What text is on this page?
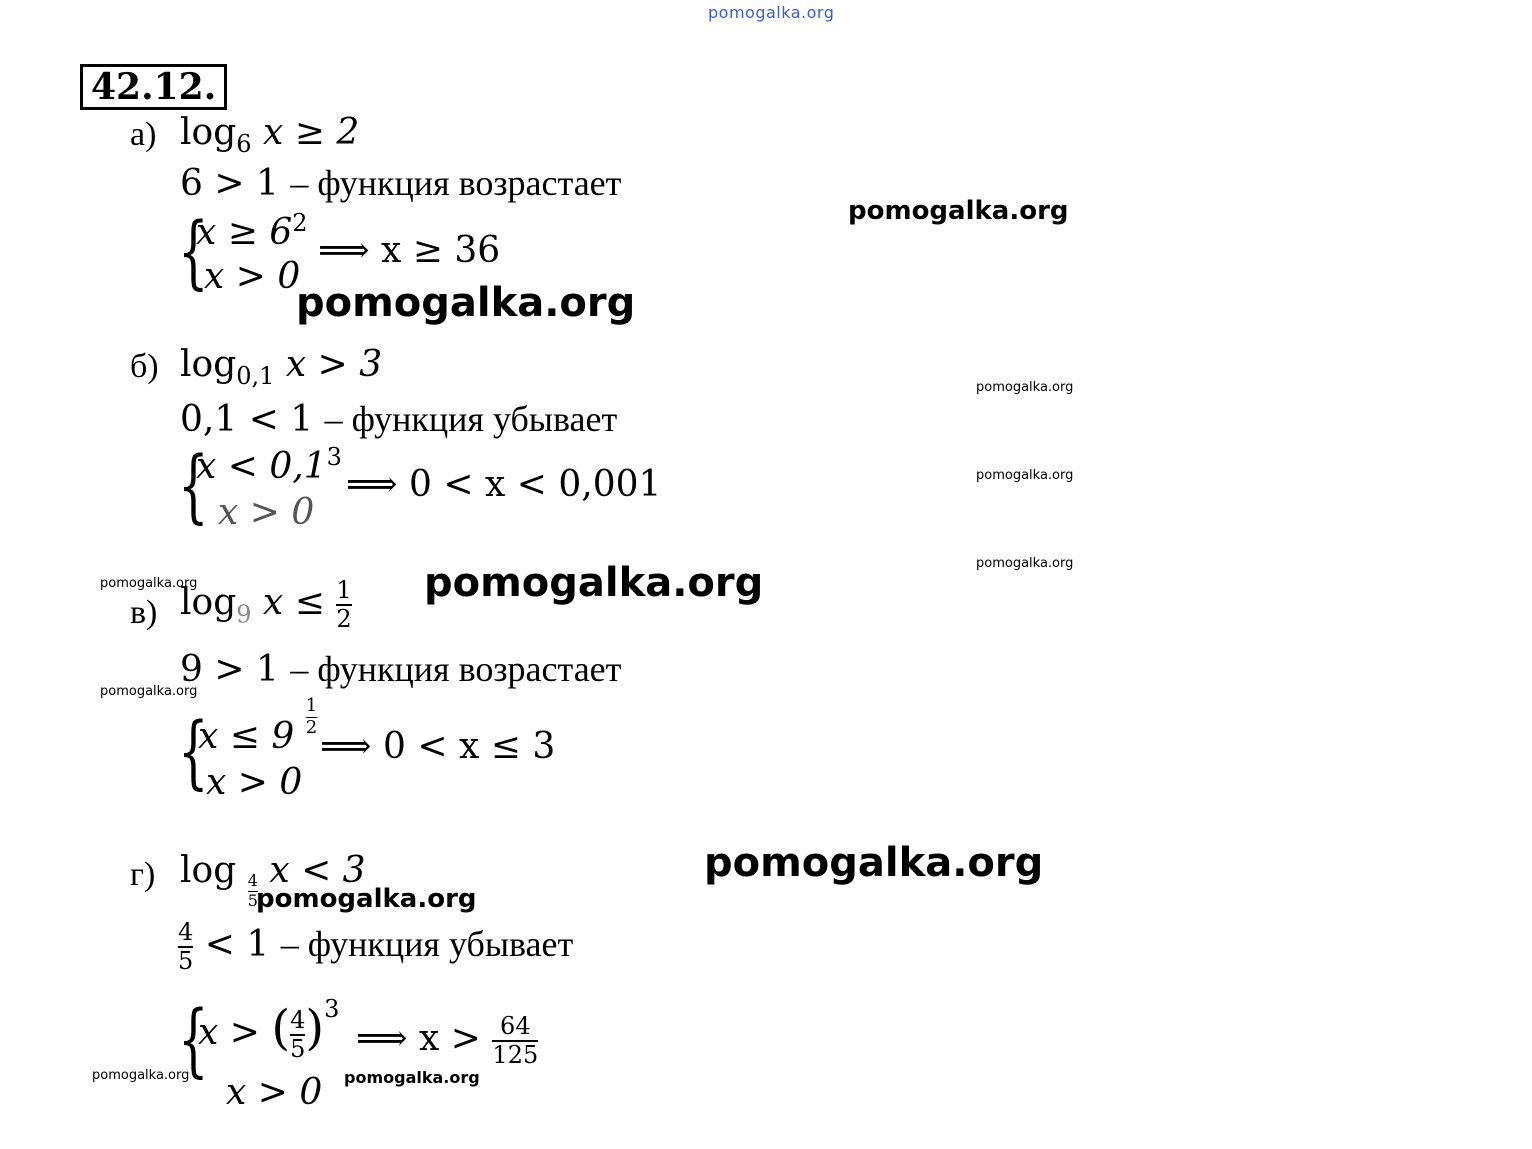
pomogalka.org
42.12.
а) $\log_6 x \ge 2$
6 > 1 – функция возрастает
{
$x \ge 6^2$
x > 0
⟹ x ≥ 36
б) $\log_{0,1} x > 3$
0,1 < 1 – функция убывает
{
$x < 0,1^3$
x > 0
⟹ 0 < x < 0,001
в) $\log_9 x \le \frac{1}{2}$
9 > 1 – функция возрастает
{
$x \le 9 \frac{1}{2}$
x > 0
⟹ 0 < x ≤ 3
г) $\log \frac{4}{5}$ x < 3
$\frac{4}{5} < 1$ – функция убывает
{
x > ( $\frac{4}{5} )^3$
x > 0
⟹ $x > \frac{64}{125}$
pomogalka.org
pomogalka.org
pomogalka.org
pomogalka.org
pomogalka.org
pomogalka.org	pomogalka.org
pomogalka.org
pomogalka.org
pomogalka.org
pomogalka.org	pomogalka.org
